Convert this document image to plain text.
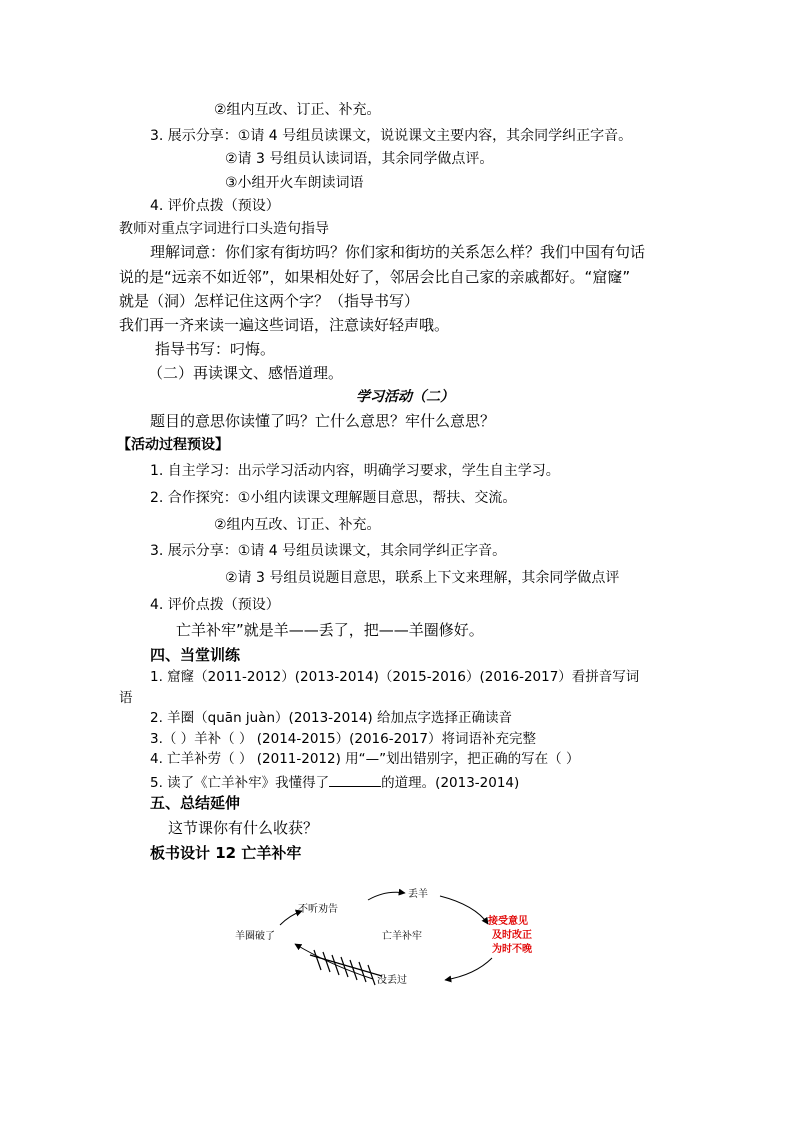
②组内互改、订正、补充。
3. 展示分享：①请 4 号组员读课文，说说课文主要内容，其余同学纠正字音。
②请 3 号组员认读词语，其余同学做点评。
③小组开火车朗读词语
4. 评价点拨（预设）
教师对重点字词进行口头造句指导
理解词意：你们家有街坊吗？你们家和街坊的关系怎么样？我们中国有句话
说的是“远亲不如近邻”，如果相处好了，邻居会比自己家的亲戚都好。“窟窿”
就是（洞）怎样记住这两个字？（指导书写）
我们再一齐来读一遍这些词语，注意读好轻声哦。
指导书写：叼悔。
（二）再读课文、感悟道理。
学习活动（二）
题目的意思你读懂了吗？亡什么意思？牢什么意思？
【活动过程预设】
1. 自主学习：出示学习活动内容，明确学习要求，学生自主学习。
2. 合作探究：①小组内读课文理解题目意思，帮扶、交流。
②组内互改、订正、补充。
3. 展示分享：①请 4 号组员读课文，其余同学纠正字音。
②请 3 号组员说题目意思，联系上下文来理解，其余同学做点评
4. 评价点拨（预设）
亡羊补牢”就是羊——丢了，把——羊圈修好。
四、当堂训练
1. 窟窿（2011-2012）(2013-2014)（2015-2016）(2016-2017）看拼音写词
语
2. 羊圈（quān juàn）(2013-2014) 给加点字选择正确读音
3.（ ）羊补（ ） (2014-2015）(2016-2017）将词语补充完整
4. 亡羊补劳（ ） (2011-2012) 用“—”划出错别字，把正确的写在（ ）
5. 读了《亡羊补牢》我懂得了	的道理。(2013-2014)
五、总结延伸
这节课你有什么收获？
板书设计 12 亡羊补牢
不听劝告
丢羊
羊圈破了	亡羊补牢
没丢过
接受意见
及时改正
为时不晚
